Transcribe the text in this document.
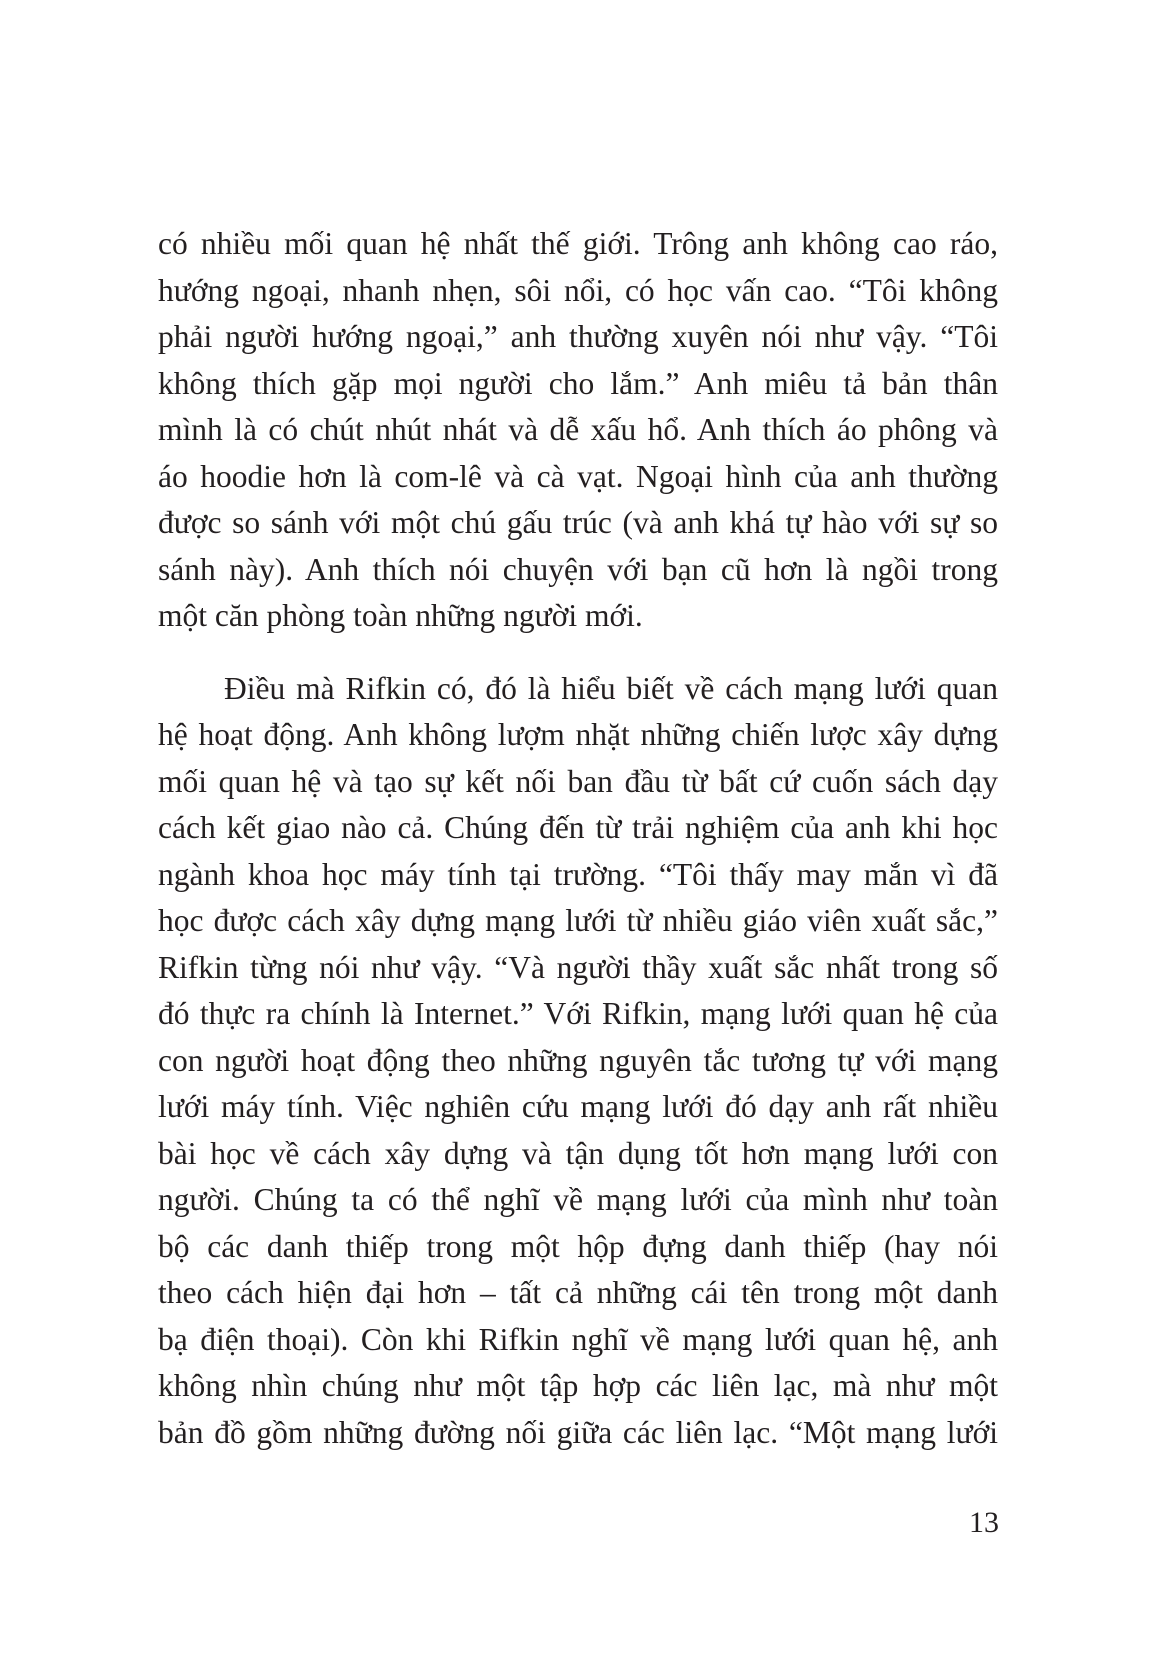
có nhiều mối quan hệ nhất thế giới. Trông anh không cao ráo,
hướng ngoại, nhanh nhẹn, sôi nổi, có học vấn cao. “Tôi không
phải người hướng ngoại,” anh thường xuyên nói như vậy. “Tôi
không thích gặp mọi người cho lắm.” Anh miêu tả bản thân
mình là có chút nhút nhát và dễ xấu hổ. Anh thích áo phông và
áo hoodie hơn là com-lê và cà vạt. Ngoại hình của anh thường
được so sánh với một chú gấu trúc (và anh khá tự hào với sự so
sánh này). Anh thích nói chuyện với bạn cũ hơn là ngồi trong
một căn phòng toàn những người mới.

Điều mà Rifkin có, đó là hiểu biết về cách mạng lưới quan
hệ hoạt động. Anh không lượm nhặt những chiến lược xây dựng
mối quan hệ và tạo sự kết nối ban đầu từ bất cứ cuốn sách dạy
cách kết giao nào cả. Chúng đến từ trải nghiệm của anh khi học
ngành khoa học máy tính tại trường. “Tôi thấy may mắn vì đã
học được cách xây dựng mạng lưới từ nhiều giáo viên xuất sắc,”
Rifkin từng nói như vậy. “Và người thầy xuất sắc nhất trong số
đó thực ra chính là Internet.” Với Rifkin, mạng lưới quan hệ của
con người hoạt động theo những nguyên tắc tương tự với mạng
lưới máy tính. Việc nghiên cứu mạng lưới đó dạy anh rất nhiều
bài học về cách xây dựng và tận dụng tốt hơn mạng lưới con
người. Chúng ta có thể nghĩ về mạng lưới của mình như toàn
bộ các danh thiếp trong một hộp đựng danh thiếp (hay nói
theo cách hiện đại hơn – tất cả những cái tên trong một danh
bạ điện thoại). Còn khi Rifkin nghĩ về mạng lưới quan hệ, anh
không nhìn chúng như một tập hợp các liên lạc, mà như một
bản đồ gồm những đường nối giữa các liên lạc. “Một mạng lưới

13
